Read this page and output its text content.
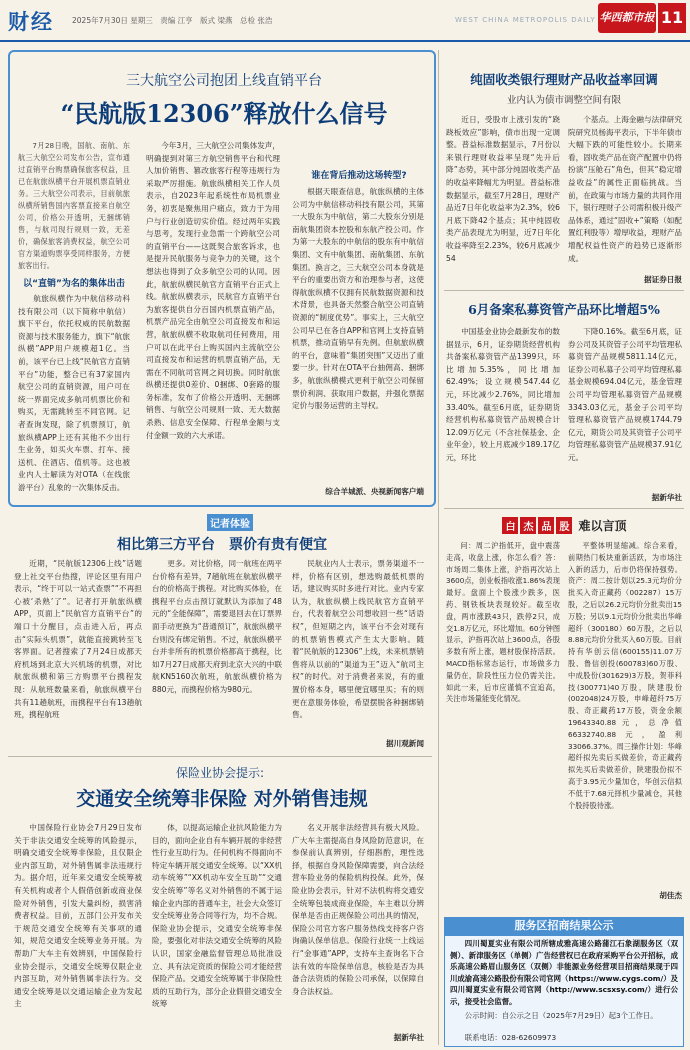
财经 2025年7月30日 星期三　责编 江亨　版式 梁燕　总检 张浩	WEST CHINA METROPOLIS DAILY 华西都市报 11
三大航空公司抱团上线直销平台
“民航版12306”释放什么信号

7月28日晚，国航、南航、东航三大航空公司发布公告，宣布通过直销平台购票确保旅客权益，且已在航旅纵横平台开展机票直销业务。三大航空公司表示，目前航旅纵横所销售国内客票直接来自航空公司，价格公开透明，无捆绑销售，与航司现行规则一致，无差价，确保旅客消费权益，航空公司官方渠道购票享受同样服务，方便旅客出行。

以“直销”为名的集体出击

航旅纵横作为中航信移动科技有限公司（以下简称中航信）旗下平台，依托权威的民航数据资源与技术服务能力，旗下“航旅纵横”APP用户规模超1亿。当前，该平台已上线“民航官方直销平台”功能，整合已有37家国内航空公司的直销资源，用户可在统一界面完成多航司机票比价和购买，无需跳转至不同官网。记者查询发现，除了机票预订，航旅纵横APP上还有其他不少出行生业务，如买火车票、打车、接送机、住酒店、值机等。这也被业内人士解读为对OTA（在线旅游平台）乱象的一次集体反击。

今年3月，三大航空公司集体发声，明确提到对第三方航空销售平台和代理人加价销售、篡改旅客行程等违规行为采取严厉措施。航旅纵横相关工作人员表示，自2023年起系统性布局机票业务，初衷是聚焦用户痛点，致力于为用户与行业创造切实价值。经过两年实践与思考，发现行业急需一个跨航空公司的直销平台——这既契合旅客诉求，也是提升民航服务与竞争力的关键，这个想法也得到了众多航空公司的认同。因此，航旅纵横民航官方直销平台正式上线。航旅纵横表示，民航官方直销平台为旅客提供自分百国内机票直销产品，机票产品完全由航空公司直接发布和运营，航旅纵横不收取航司任何费用，用户可以在此平台上购买国内主流航空公司直接发布和运营的机票直销产品，无需在不同航司官网之间切换。同时航旅纵横还提供0差价、0捆绑、0套路的服务标准，发布了价格公开透明、无捆绑销售、与航空公司规则一致、无大数据杀熟、信息安全保障、行程单金额与支付金额一致的六大承诺。

谁在背后推动这场转型?

根据天眼查信息，航旅纵横的主体公司为中航信移动科技有限公司，其第一大股东为中航信，第二大股东分别是南航集团资本控股和东航产投公司。作为第一大股东的中航信的股东有中航信集团、文有中航集团、南航集团、东航集团。换言之，三大航空公司本身就是平台的重要出资方和治理参与者，这使得航旅纵横不仅拥有民航数据资源和技术背景，也具备天然整合航空公司直销资源的“制度优势”。事实上，三大航空公司早已在各自APP和官网上支持直销机票，推动直销早有先例。但航旅纵横的平台，意味着“集团突围”又迈出了重要一步。针对在OTA平台抽佣高、捆绑多，航旅纵横模式更利于航空公司保留票价利润、获取用户数据，并强化票据定价与服务运营的主导权。

综合羊城派、央视新闻客户端

记者体验
相比第三方平台　票价有贵有便宜

近期，“民航版12306上线”话题登上社交平台热搜，评论区里有用户表示，“终于可以一站式查票”“不再担心被‘杀熟’了”。记者打开航旅纵横APP，页面上“民航官方直销平台”的端口十分醒目，点击进入后，再点击“实际头机票”，就能直接跳转至飞客界面。记者搜索了7月24日成都天府机场到北京大兴机场的机票，对比航旅纵横和第三方购票平台携程发现：从航班数量来看，航旅纵横平台共有11趟航班，而携程平台有13趟航班，携程航班

更多。对比价格，同一航班在两平台价格有差异，7趟航班在航旅纵横平台的价格高于携程。对比购买体验，在携程平台点击预订就默认为添加了48元的“全能保障”，需要退回去在订票界面手动更换为“普通预订”，航旅纵横平台则没有绑定销售。不过，航旅纵横平台并非所有的机票价格都高于携程，比如7月27日成都天府到北京大兴的中联航KN5160次航班，航旅纵横价格为880元，而携程价格为980元。

民航业内人士表示，票务渠道不一样，价格有区别，想选购最低机票的话，建议购买时多进行对比。业内专家认为，航旅纵横上线民航官方直销平台，代表着航空公司想收回一些“话语权”，但短期之内，该平台不会对现有的机票销售模式产生太大影响。随着“民航版的12306”上线，未来机票销售将从以前的“渠道为王”迈入“航司主权”的时代。对于消费者来说，有的重置价格本身，哪里便宜哪里买；有的则更在意服务体验，希望摆脱各种捆绑销售。

据川观新闻

保险业协会提示:
交通安全统筹非保险 对外销售违规

中国保险行业协会7月29日发布关于非法交通安全统筹的风险提示，明确交通安全统筹非保险，且仅限企业内部互助，对外销售属非法违规行为。据介绍，近年来交通安全统筹被有关机构或者个人假借创新或商业保险对外销售，引发大量纠纷，损害消费者权益。目前，五部门公开发布关于规范交通安全统筹有关事项的通知，规范交通安全统筹业务开展。为帮助广大车主有效辨别，中国保险行业协会提示，交通安全统筹仅限企业内部互助，对外销售属非法行为。交通安全统筹是以交通运输企业为发起主

体，以提高运输企业抗风险能力为目的，面向企业自有车辆开展的非经营性行业互助行为。任何机构不得面向不特定车辆开展交通安全统筹。以“XX机动车统筹”“XX机动车安全互助”“交通安全统筹”等名义对外销售的不属于运输企业内部的普通车主，社会大众签订安全统筹业务合同等行为，均不合规。保险业协会提示，交通安全统筹非保险，要强化对非法交通安全统筹的风险认识，国家金融监督管理总局批准设立、具有法定资质的保险公司才能经营保险产品。交通安全统筹属于非保险性质的互助行为，部分企业假借交通安全统筹

名义开展非法经营具有极大风险。广大车主需提高自身风险防范意识，在参保前认真辨别，仔细斟酌，理性选择，根据自身风险保障需要，向合法经营车险业务的保险机构投保。此外，保险业协会表示，针对不法机构将交通安全统筹包装成商业保险，车主难以分辨保单是否由正规保险公司出具的情况，保险公司官方客户服务热线支持客户咨询确认保单信息。保险行业统一上线运行“金事通”APP，支持车主查询名下合法有效的车险保单信息，核验是否为具备合法资质的保险公司承保，以保障自身合法权益。

据新华社

纯固收类银行理财产品收益率回调
业内认为债市调整空间有限

近日，受股市上涨引发的“跷跷板效应”影响，债市出现一定调整。普益标准数据显示，7月份以来银行理财收益率呈现“先升后降”态势，其中部分纯固收类产品的收益率降幅尤为明显。普益标准数据显示，截至7月28日，理财产品近7日年化收益率为2.3%，较6月底下降42个基点；其中纯固收类产品表现尤为明显，近7日年化收益率降至2.23%，较6月底减少54

个基点。上海金融与法律研究院研究员杨海平表示，下半年债市大幅下跌的可能性较小。长期来看，固收类产品在资产配置中仍将扮演“压舱石”角色，但其“稳定增益收益”的属性正面临挑战。当前，在政策与市场力量的共同作用下，银行理财子公司需积极升级产品体系，通过“固收+”策略（如配置红利股等）增厚收益，理财产品增配权益性资产的趋势已逐渐形成。

据证券日报

6月备案私募资管产品环比增超5%

中国基金业协会最新发布的数据显示，6月，证券期货经营机构共备案私募资管产品1399只，环比增加5.35%，同比增加62.49%；设立规模547.44亿元，环比减少2.76%，同比增加33.40%。截至6月底，证券期货经营机构私募资管产品规模合计12.09万亿元（不含社保基金、企业年金），较上月底减少189.17亿元，环比

下降0.16%。截至6月底，证券公司及其资管子公司平均管理私募资管产品规模5811.14亿元，证券公司私募子公司平均管理私募基金规模694.04亿元，基金管理公司平均管理私募资管产品规模3343.03亿元，基金子公司平均管理私募资管产品规模1744.79亿元，期货公司及其资管子公司平均管理私募资管产品规模37.91亿元。

据新华社

白 杰 品 股 难以言顶

问：周二沪指低开，盘中震荡走高，收盘上涨，你怎么看？答：市场周二集体上涨，沪指再次站上3600点，创业板指收涨1.86%表现最好。盘面上个股涨少跌多，医药、钢铁板块表现较好。截至收盘，两市涨跌43只，跌停2只，成交1.8万亿元，环比增加。60分钟图显示，沪指再次站上3600点，各股多数有所上涨，题材股保持活跃。MACD指标常态运行，市场做多力量仍在，阶段性压力位仍需关注。如此一来，后市应谨慎不宜追高，关注市场量能变化情况。

平整体明显缩减。综合来看，前期热门板块重新活跃，为市场注入新的活力，后市仍将保持强势。资产：周二按计划以25.3元均价分批买入奇正藏药（002287）15万股，之后以26.2元均价分批卖出15万股；另以9.1元均价分批卖出华峰超纤（300180）60万股，之后以8.88元均价分批买入60万股。目前持有华创云信(600155)11.07万股、鲁信创投(600783)60万股、中成股份(301629)3万股，贺菲科技(300771)40万股，陕建股份(002048)24万股，申峰超纤75万股、奇正藏药17万股，资金余额19643340.88元，总净值66332740.88元，盈利33066.37%。周三操作计划：华峰超纤拟先卖后买做差价，奇正藏药拟先买后卖做差价，陕建股份拟不高于3.95元少量加仓，华创云信拟不低于7.68元择机少量减仓，其他个股持股待涨。

胡佳杰

服务区招商结果公示

四川蜀夏实业有限公司所辖成雅高速公路蒲江石象湖服务区（双侧）、新津服务区（单侧）广告经营权已在政府采购平台公开招标，成乐高速公路眉山服务区（双侧）非能源业务经营项目招商结果现于四川成渝高速公路股份有限公司官网（https://www.cygs.com/）及四川蜀夏实业有限公司官网（http://www.scsxsy.com/）进行公示，接受社会监督。

公示时间：自公示之日（2025年7月29日）起3个工作日。

联系电话：028-62609973
